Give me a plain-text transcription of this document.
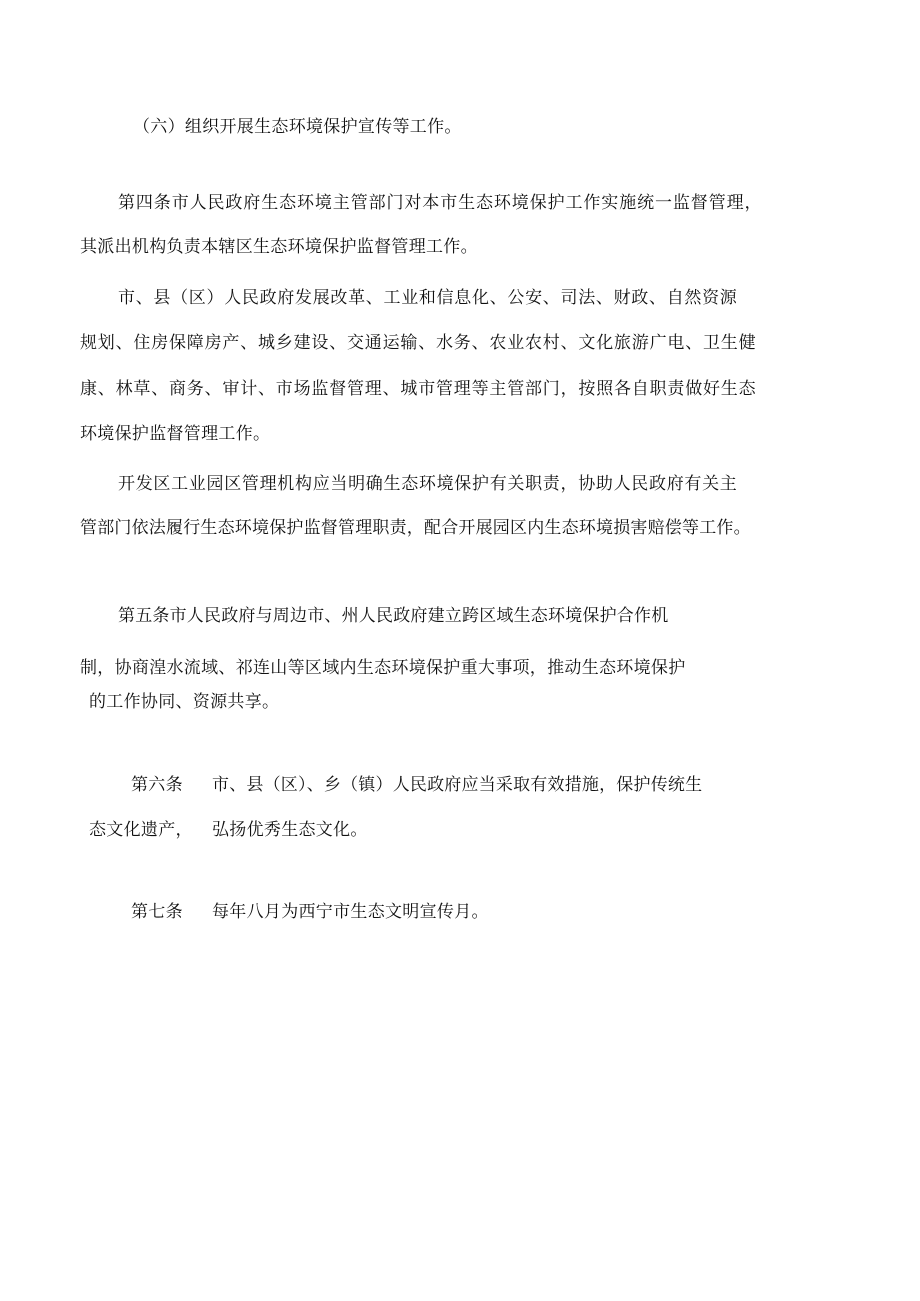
（六）组织开展生态环境保护宣传等工作。

第四条市人民政府生态环境主管部门对本市生态环境保护工作实施统一监督管理，

其派出机构负责本辖区生态环境保护监督管理工作。

市、县（区）人民政府发展改革、工业和信息化、公安、司法、财政、自然资源

规划、住房保障房产、城乡建设、交通运输、水务、农业农村、文化旅游广电、卫生健

康、林草、商务、审计、市场监督管理、城市管理等主管部门，按照各自职责做好生态

环境保护监督管理工作。

开发区工业园区管理机构应当明确生态环境保护有关职责，协助人民政府有关主

管部门依法履行生态环境保护监督管理职责，配合开展园区内生态环境损害赔偿等工作。

第五条市人民政府与周边市、州人民政府建立跨区域生态环境保护合作机

制，协商湟水流域、祁连山等区域内生态环境保护重大事项，推动生态环境保护

的工作协同、资源共享。

第六条 市、县（区）、乡（镇）人民政府应当采取有效措施，保护传统生

态文化遗产， 弘扬优秀生态文化。

第七条 每年八月为西宁市生态文明宣传月。
